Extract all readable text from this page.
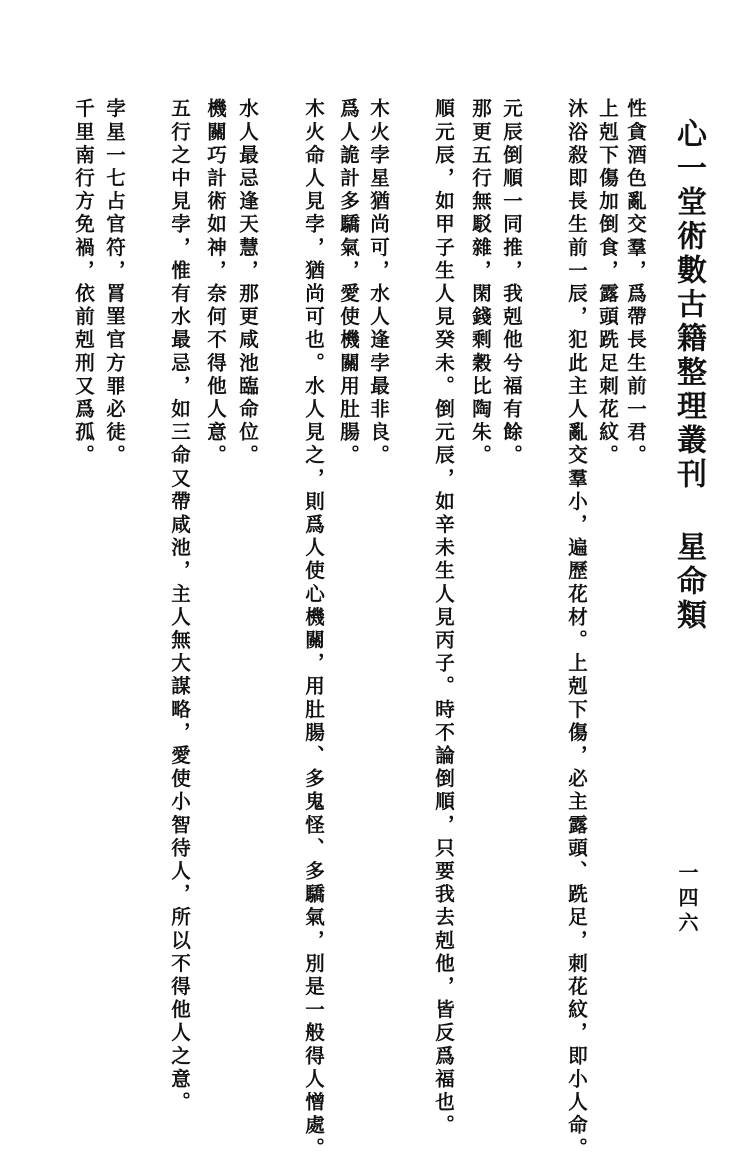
心一堂術數古籍整理叢刊 星命類
一四六
性貪酒色亂交羣，爲帶長生前一君。
上剋下傷加倒食，露頭跣足刺花紋。
沐浴殺即長生前一辰，犯此主人亂交羣小，遍歷花材。上剋下傷，必主露頭、跣足，刺花紋，即小人命。
元辰倒順一同推，我剋他兮福有餘。
那更五行無駁雜，閑錢剩穀比陶朱。
順元辰，如甲子生人見癸未。倒元辰，如辛未生人見丙子。時不論倒順，只要我去剋他，皆反爲福也。
木火孛星猶尚可，水人逢孛最非良。
爲人詭計多驕氣，愛使機關用肚腸。
木火命人見孛，猶尚可也。水人見之，則爲人使心機關，用肚腸、多鬼怪、多驕氣，別是一般得人憎處。
水人最忌逢天慧，那更咸池臨命位。
機關巧計術如神，奈何不得他人意。
五行之中見孛，惟有水最忌，如三命又帶咸池，主人無大謀略，愛使小智待人，所以不得他人之意。
孛星一七占官符，罥罣官方罪必徒。
千里南行方免禍，依前剋刑又爲孤。
